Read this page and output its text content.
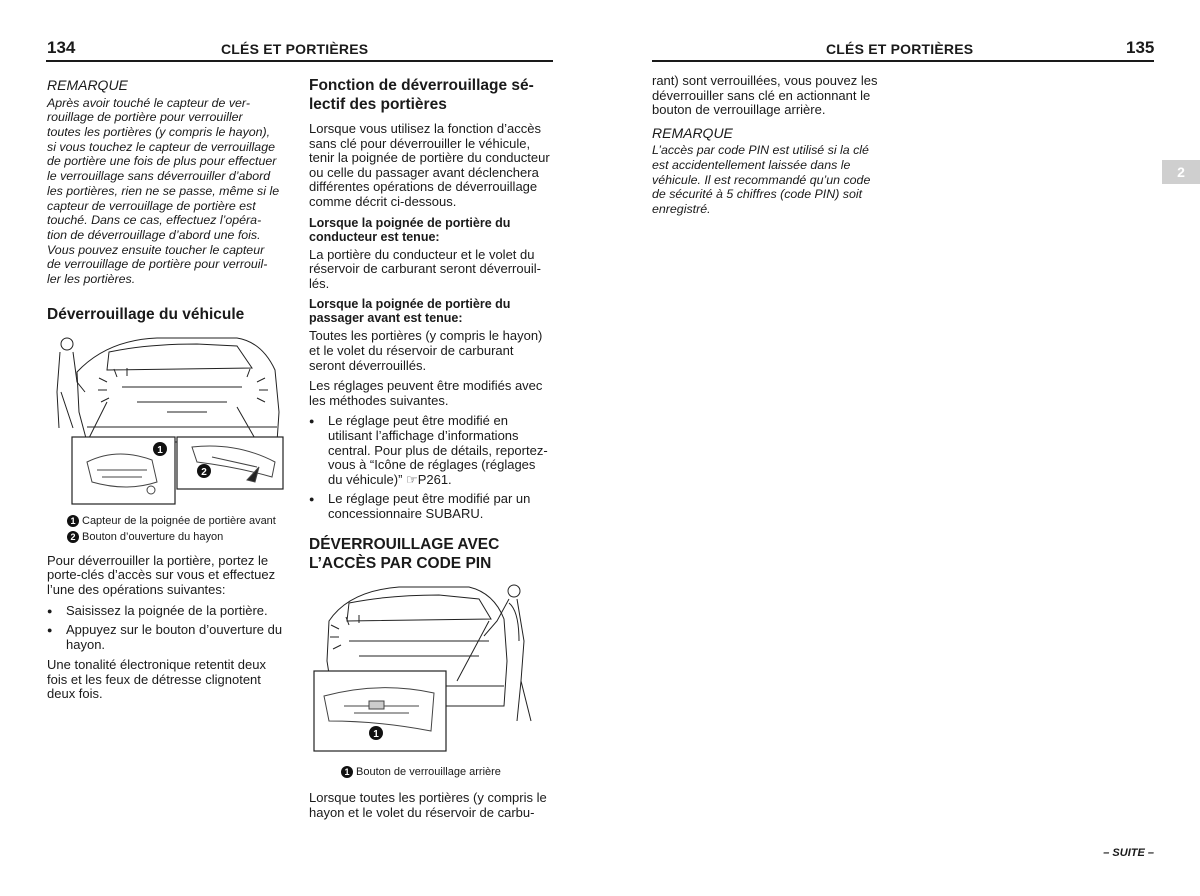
134	CLÉS ET PORTIÈRES	CLÉS ET PORTIÈRES	135
REMARQUE
Après avoir touché le capteur de ver-
rouillage de portière pour verrouiller
toutes les portières (y compris le hayon),
si vous touchez le capteur de verrouillage
de portière une fois de plus pour effectuer
le verrouillage sans déverrouiller d’abord
les portières, rien ne se passe, même si le
capteur de verrouillage de portière est
touché. Dans ce cas, effectuez l’opéra-
tion de déverrouillage d’abord une fois.
Vous pouvez ensuite toucher le capteur
de verrouillage de portière pour verrouil-
ler les portières.
Déverrouillage du véhicule
1
2
1 Capteur de la poignée de portière avant
2 Bouton d’ouverture du hayon

Pour déverrouiller la portière, portez le porte-clés d’accès sur vous et effectuez l’une des opérations suivantes:

● Saisissez la poignée de la portière.
● Appuyez sur le bouton d’ouverture du hayon.

Une tonalité électronique retentit deux fois et les feux de détresse clignotent deux fois.

Fonction de déverrouillage sé-lectif des portières

Lorsque vous utilisez la fonction d’accès sans clé pour déverrouiller le véhicule, tenir la poignée de portière du conducteur ou celle du passager avant déclenchera différentes opérations de déverrouillage comme décrit ci-dessous.

Lorsque la poignée de portière du conducteur est tenue:

La portière du conducteur et le volet du réservoir de carburant seront déverrouil-lés.

Lorsque la poignée de portière du passager avant est tenue:

Toutes les portières (y compris le hayon) et le volet du réservoir de carburant seront déverrouillés.

Les réglages peuvent être modifiés avec les méthodes suivantes.

● Le réglage peut être modifié en utilisant l’affichage d’informations central. Pour plus de détails, reportez-vous à “Icône de réglages (réglages du véhicule)” ☞P261.
● Le réglage peut être modifié par un concessionnaire SUBARU.
DÉVERROUILLAGE AVEC
L’ACCÈS PAR CODE PIN
1
1 Bouton de verrouillage arrière

Lorsque toutes les portières (y compris le hayon et le volet du réservoir de carbu-

rant) sont verrouillées, vous pouvez les déverrouiller sans clé en actionnant le bouton de verrouillage arrière.

REMARQUE
L’accès par code PIN est utilisé si la clé
est accidentellement laissée dans le
véhicule. Il est recommandé qu’un code
de sécurité à 5 chiffres (code PIN) soit
enregistré.
2
– SUITE –
